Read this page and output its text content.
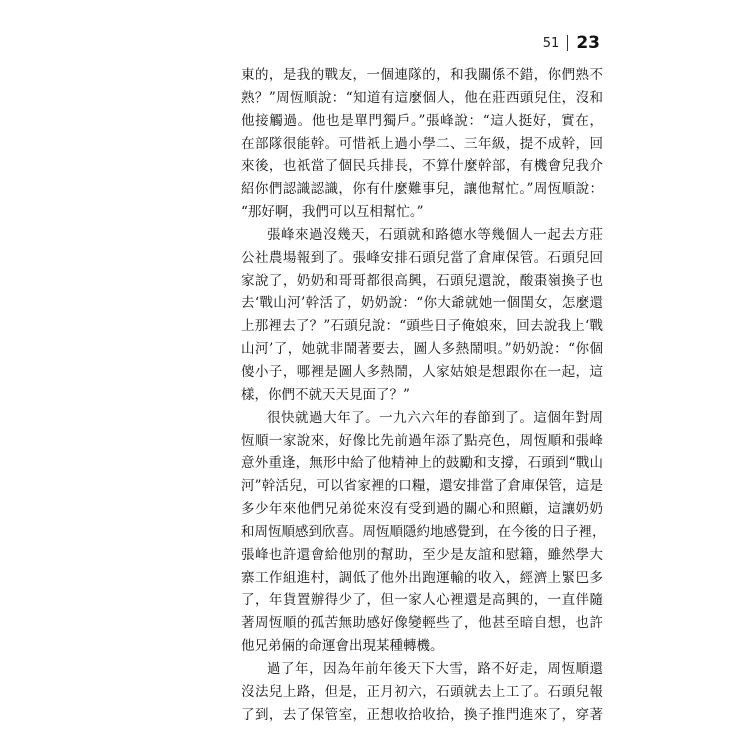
51 23
東的，是我的戰友，一個連隊的，和我關係不錯，你們熟不
熟？”周恆順說：“知道有這麼個人，他在莊西頭兒住，沒和
他接觸過。他也是單門獨戶。”張峰說：“這人挺好，實在，
在部隊很能幹。可惜祇上過小學二、三年級，提不成幹，回
來後，也祇當了個民兵排長，不算什麼幹部，有機會兒我介
紹你們認識認識，你有什麼難事兒，讓他幫忙。”周恆順說：
“那好啊，我們可以互相幫忙。”
張峰來過沒幾天，石頭就和路德水等幾個人一起去方莊
公社農場報到了。張峰安排石頭兒當了倉庫保管。石頭兒回
家說了，奶奶和哥哥都很高興，石頭兒還說，酸棗嶺換子也
去‘戰山河’幹活了，奶奶說：“你大爺就她一個閨女，怎麼還
上那裡去了？”石頭兒說：“頭些日子俺娘來，回去說我上‘戰
山河’了，她就非鬧著要去，圖人多熱鬧唄。”奶奶說：“你個
傻小子，哪裡是圖人多熱鬧，人家姑娘是想跟你在一起，這
樣，你們不就天天見面了？”
很快就過大年了。一九六六年的春節到了。這個年對周
恆順一家說來，好像比先前過年添了點亮色，周恆順和張峰
意外重逢，無形中給了他精神上的鼓勵和支撐，石頭到“戰山
河”幹活兒，可以省家裡的口糧，還安排當了倉庫保管，這是
多少年來他們兄弟從來沒有受到過的關心和照顧，這讓奶奶
和周恆順感到欣喜。周恆順隱約地感覺到，在今後的日子裡，
張峰也許還會給他別的幫助，至少是友誼和慰籍，雖然學大
寨工作組進村，調低了他外出跑運輸的收入，經濟上緊巴多
了，年貨置辦得少了，但一家人心裡還是高興的，一直伴隨
著周恆順的孤苦無助感好像變輕些了，他甚至暗自想，也許
他兄弟倆的命運會出現某種轉機。
過了年，因為年前年後天下大雪，路不好走，周恆順還
沒法兒上路，但是，正月初六，石頭就去上工了。石頭兒報
了到，去了保管室，正想收拾收拾，換子推門進來了，穿著
